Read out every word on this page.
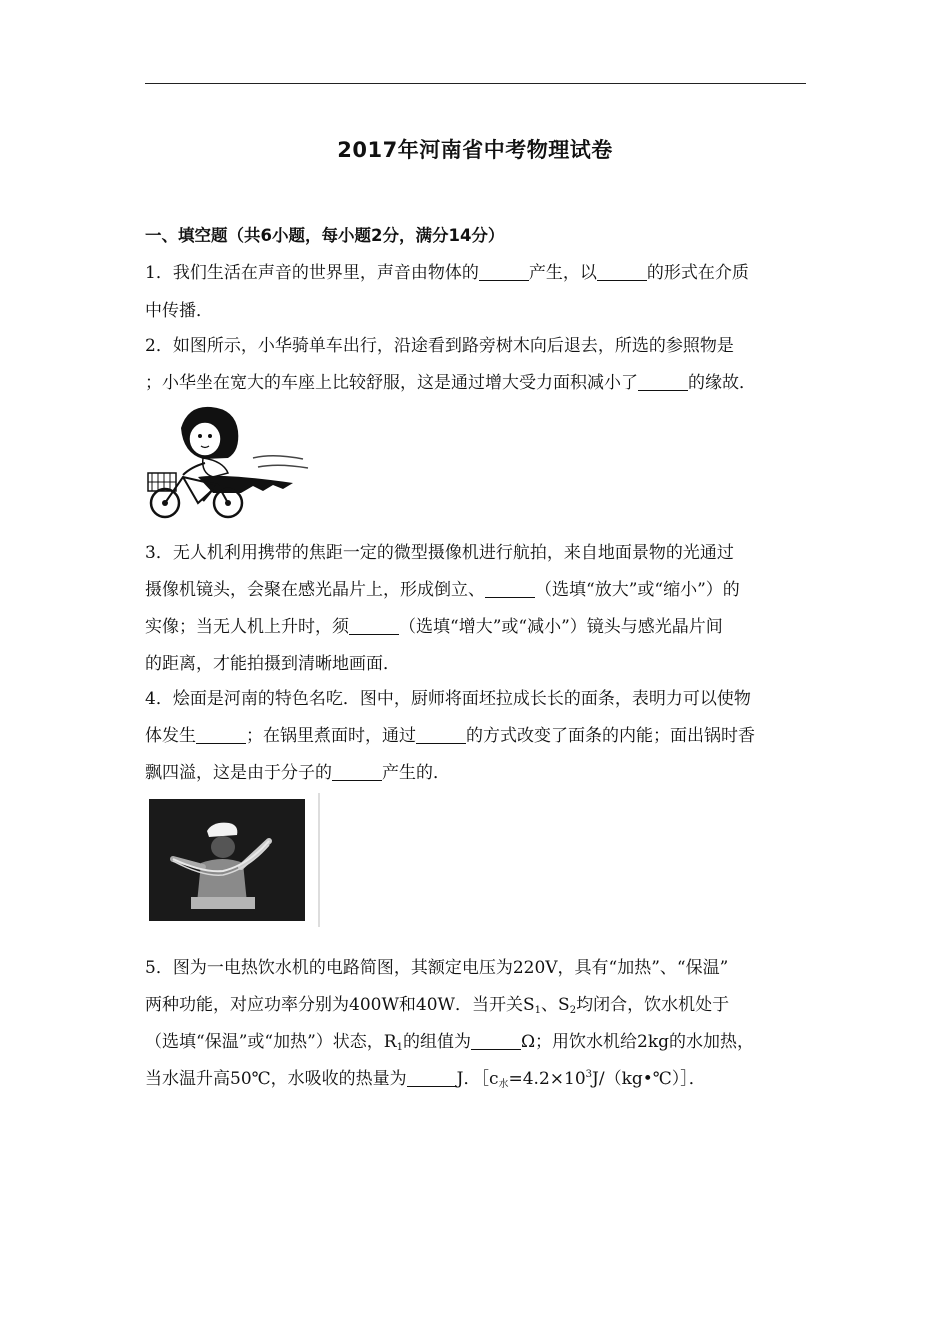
2017年河南省中考物理试卷
一、填空题（共6小题，每小题2分，满分14分）
1．我们生活在声音的世界里，声音由物体的	产生，以	的形式在介质
中传播．
2．如图所示，小华骑单车出行，沿途看到路旁树木向后退去，所选的参照物是
；小华坐在宽大的车座上比较舒服，这是通过增大受力面积减小了	的缘故．
3．无人机利用携带的焦距一定的微型摄像机进行航拍，来自地面景物的光通过
摄像机镜头，会聚在感光晶片上，形成倒立、	（选填“放大”或“缩小”）的
实像；当无人机上升时，须	（选填“增大”或“减小”）镜头与感光晶片间
的距离，才能拍摄到清晰地画面．
4．烩面是河南的特色名吃．图中，厨师将面坯拉成长长的面条，表明力可以使物
体发生	；在锅里煮面时，通过	的方式改变了面条的内能；面出锅时香
飘四溢，这是由于分子的	产生的．
5．图为一电热饮水机的电路简图，其额定电压为220V，具有“加热”、“保温”
两种功能，对应功率分别为400W和40W．当开关$S_1$、$S_2$均闭合，饮水机处于
（选填“保温”或“加热”）状态，$R_1$的组值为	Ω；用饮水机给2kg的水加热，
当水温升高50℃，水吸收的热量为	J．$[c_水=4.2\times 10^3J/(kg•℃)]$．
